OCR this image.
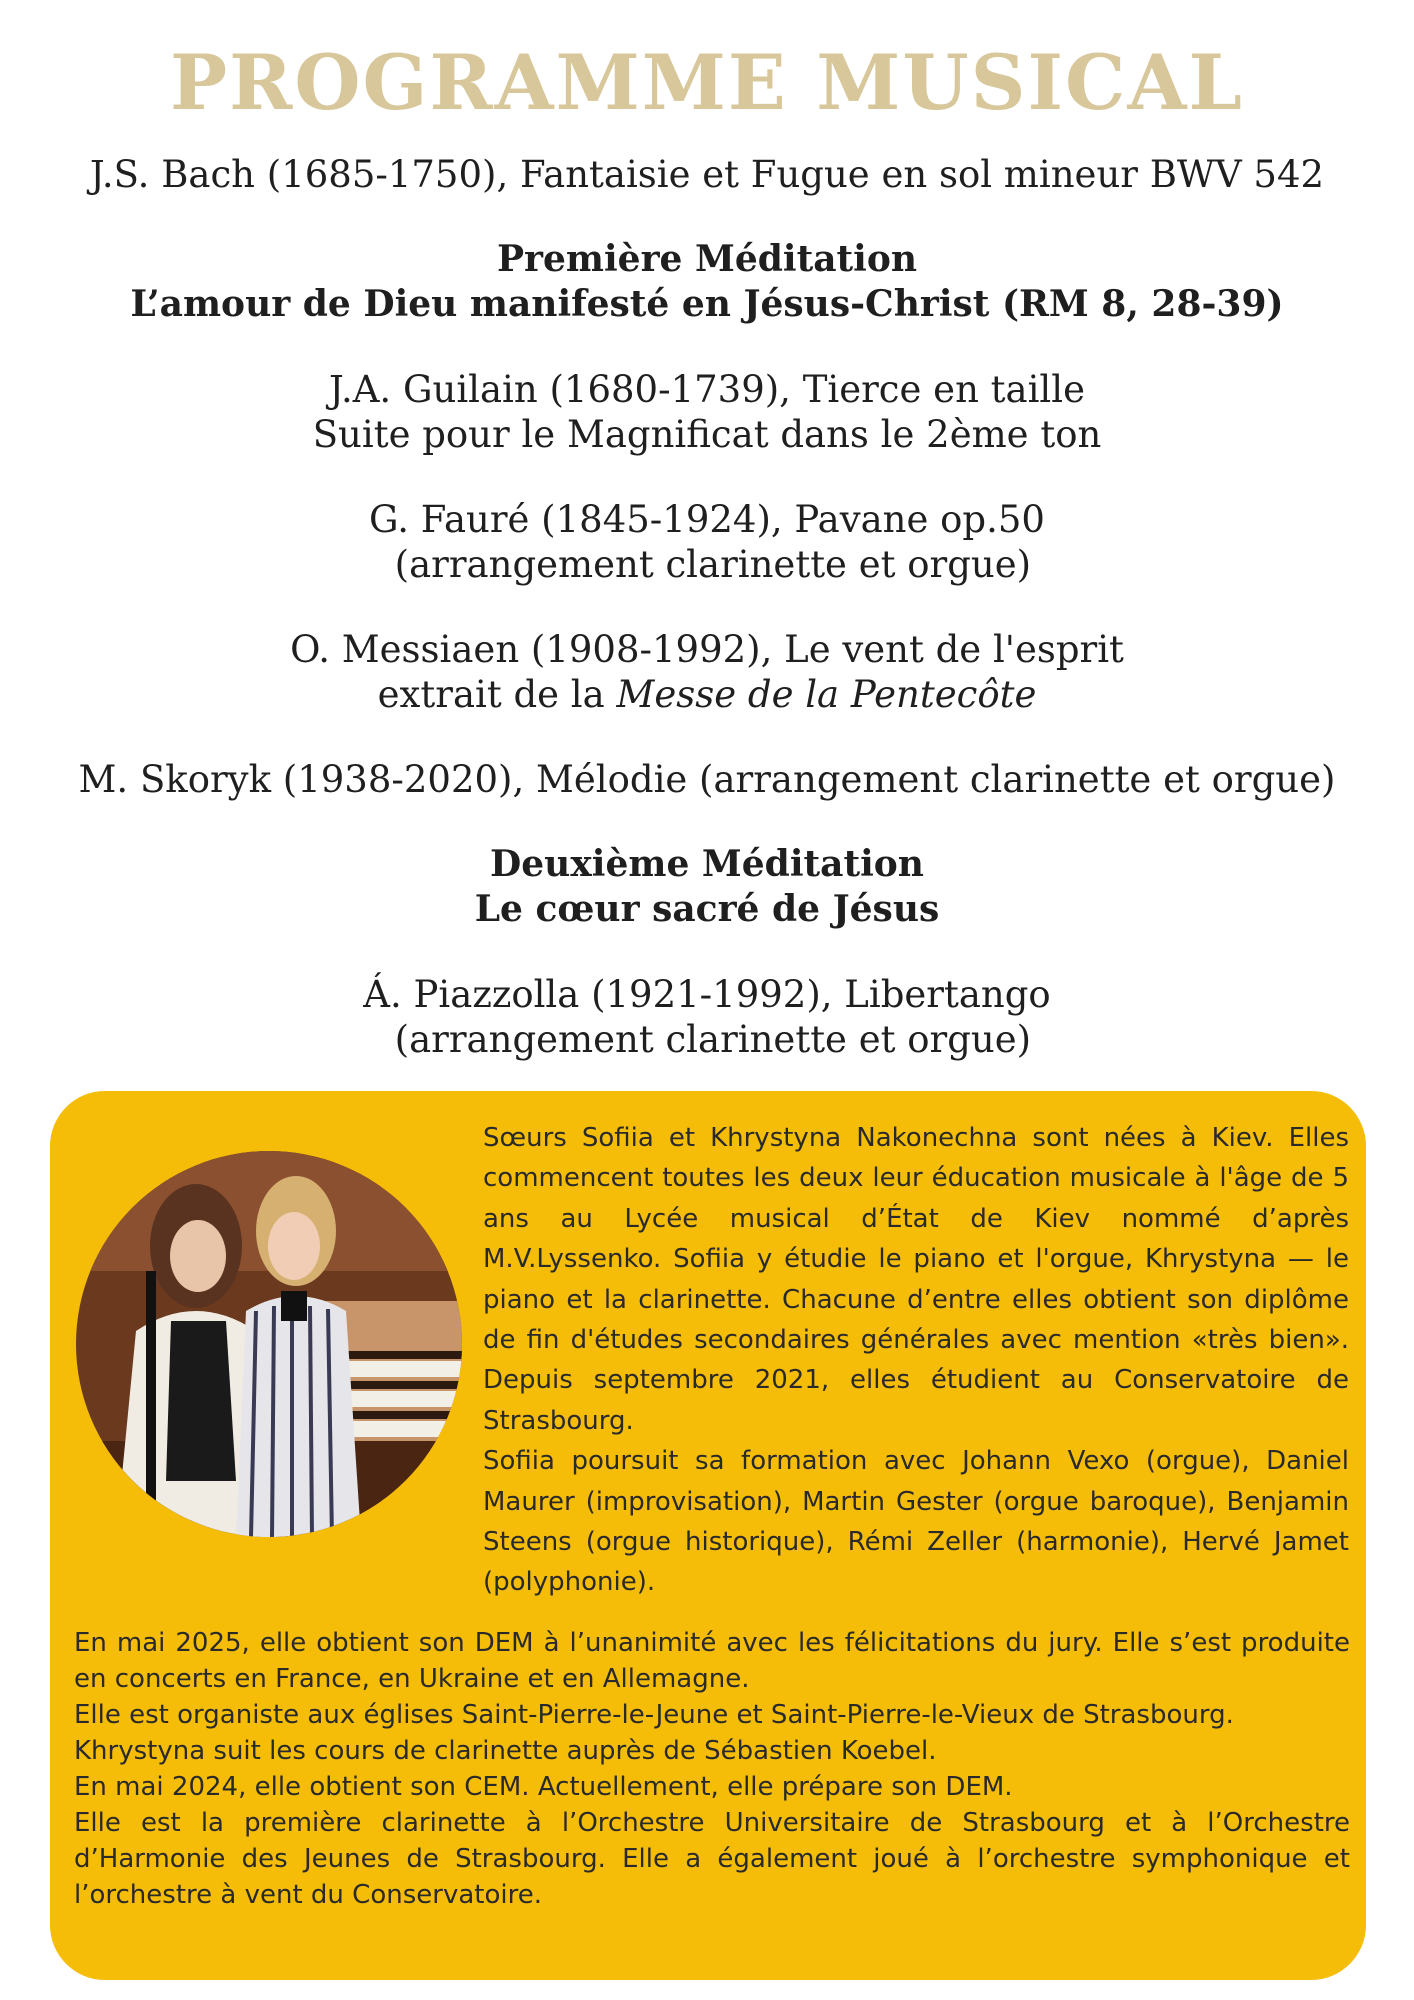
PROGRAMME MUSICAL

J.S. Bach (1685-1750), Fantaisie et Fugue en sol mineur BWV 542

Première Méditation

L’amour de Dieu manifesté en Jésus-Christ (RM 8, 28-39)

J.A. Guilain (1680-1739), Tierce en taille

Suite pour le Magnificat dans le 2ème ton

G. Fauré (1845-1924), Pavane op.50

(arrangement clarinette et orgue)

O. Messiaen (1908-1992), Le vent de l'esprit

extrait de la Messe de la Pentecôte

M. Skoryk (1938-2020), Mélodie (arrangement clarinette et orgue)

Deuxième Méditation

Le cœur sacré de Jésus

Á. Piazzolla (1921-1992), Libertango

(arrangement clarinette et orgue)

Sœurs Sofiia et Khrystyna Nakonechna sont nées à Kiev. Elles commencent toutes les deux leur éducation musicale à l'âge de 5 ans au Lycée musical d’État de Kiev nommé d’après M.V.Lyssenko. Sofiia y étudie le piano et l'orgue, Khrystyna — le piano et la clarinette. Chacune d’entre elles obtient son diplôme de fin d'études secondaires générales avec mention «très bien». Depuis septembre 2021, elles étudient au Conservatoire de Strasbourg.

Sofiia poursuit sa formation avec Johann Vexo (orgue), Daniel Maurer (improvisation), Martin Gester (orgue baroque), Benjamin Steens (orgue historique), Rémi Zeller (harmonie), Hervé Jamet (polyphonie).

En mai 2025, elle obtient son DEM à l’unanimité avec les félicitations du jury. Elle s’est produite en concerts en France, en Ukraine et en Allemagne.

Elle est organiste aux églises Saint-Pierre-le-Jeune et Saint-Pierre-le-Vieux de Strasbourg.

Khrystyna suit les cours de clarinette auprès de Sébastien Koebel.

En mai 2024, elle obtient son CEM. Actuellement, elle prépare son DEM.

Elle est la première clarinette à l’Orchestre Universitaire de Strasbourg et à l’Orchestre d’Harmonie des Jeunes de Strasbourg. Elle a également joué à l’orchestre symphonique et l’orchestre à vent du Conservatoire.
